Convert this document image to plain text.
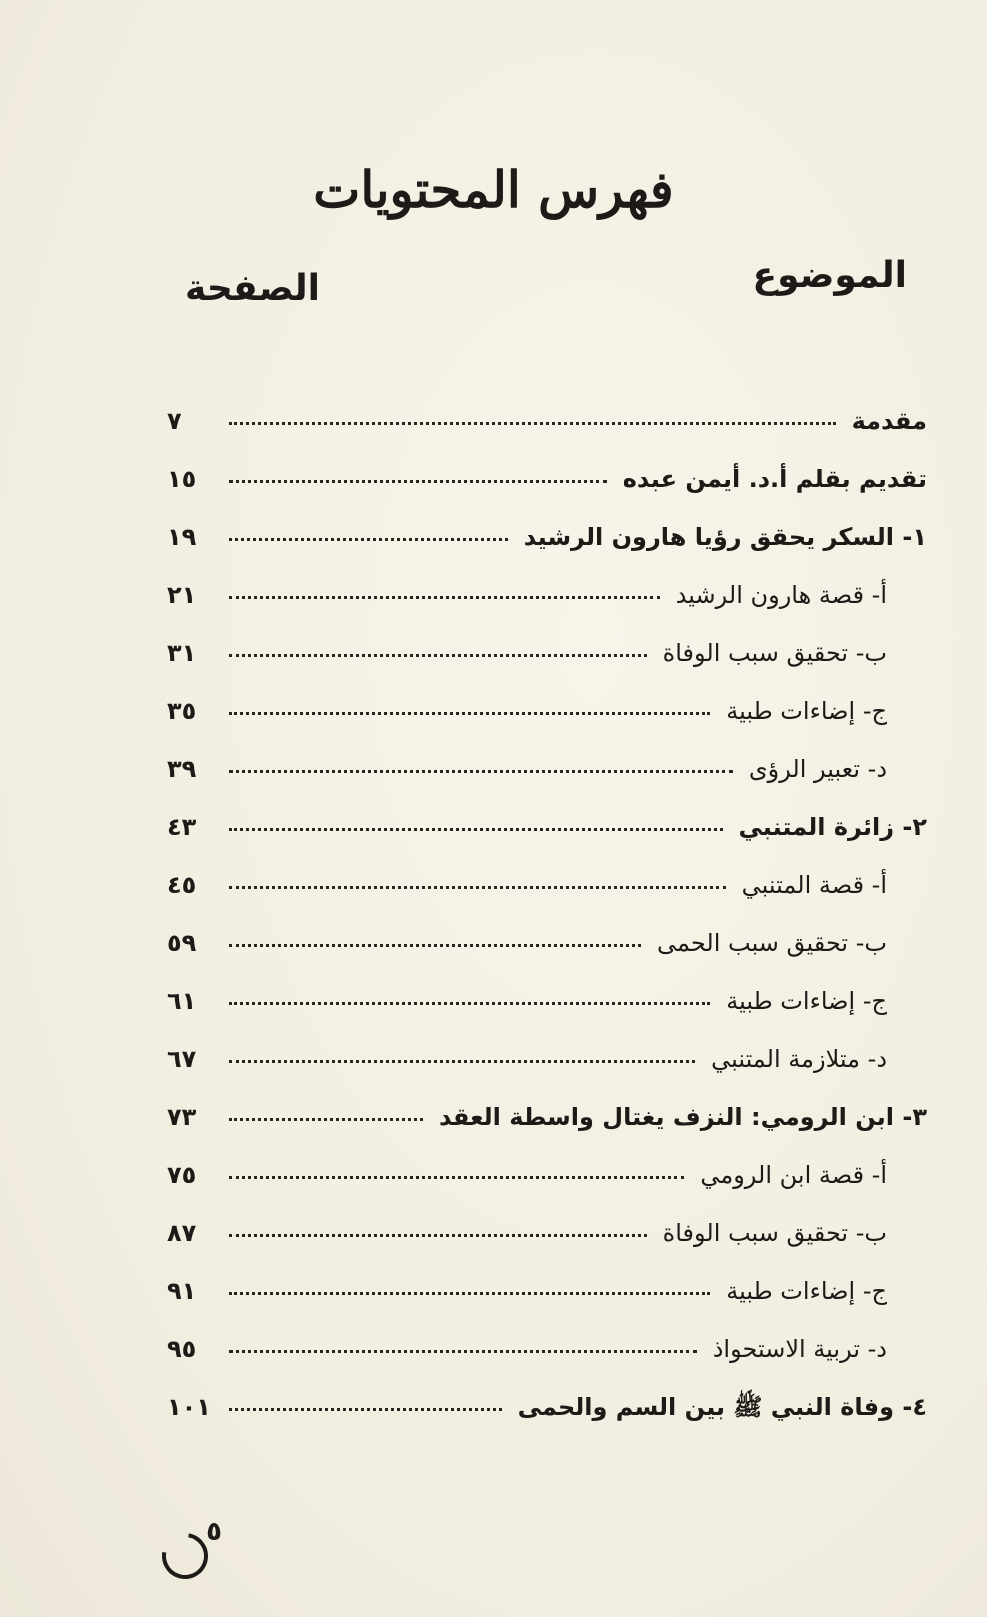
فهرس المحتويات
الموضوع
الصفحة
مقدمة
٧
تقديم بقلم أ.د. أيمن عبده
١٥
١- السكر يحقق رؤيا هارون الرشيد
١٩
أ- قصة هارون الرشيد
٢١
ب- تحقيق سبب الوفاة
٣١
ج- إضاءات طبية
٣٥
د- تعبير الرؤى
٣٩
٢- زائرة المتنبي
٤٣
أ- قصة المتنبي
٤٥
ب- تحقيق سبب الحمى
٥٩
ج- إضاءات طبية
٦١
د- متلازمة المتنبي
٦٧
٣- ابن الرومي: النزف يغتال واسطة العقد
٧٣
أ- قصة ابن الرومي
٧٥
ب- تحقيق سبب الوفاة
٨٧
ج- إضاءات طبية
٩١
د- تربية الاستحواذ
٩٥
٤- وفاة النبي ﷺ بين السم والحمى
١٠١
٥
